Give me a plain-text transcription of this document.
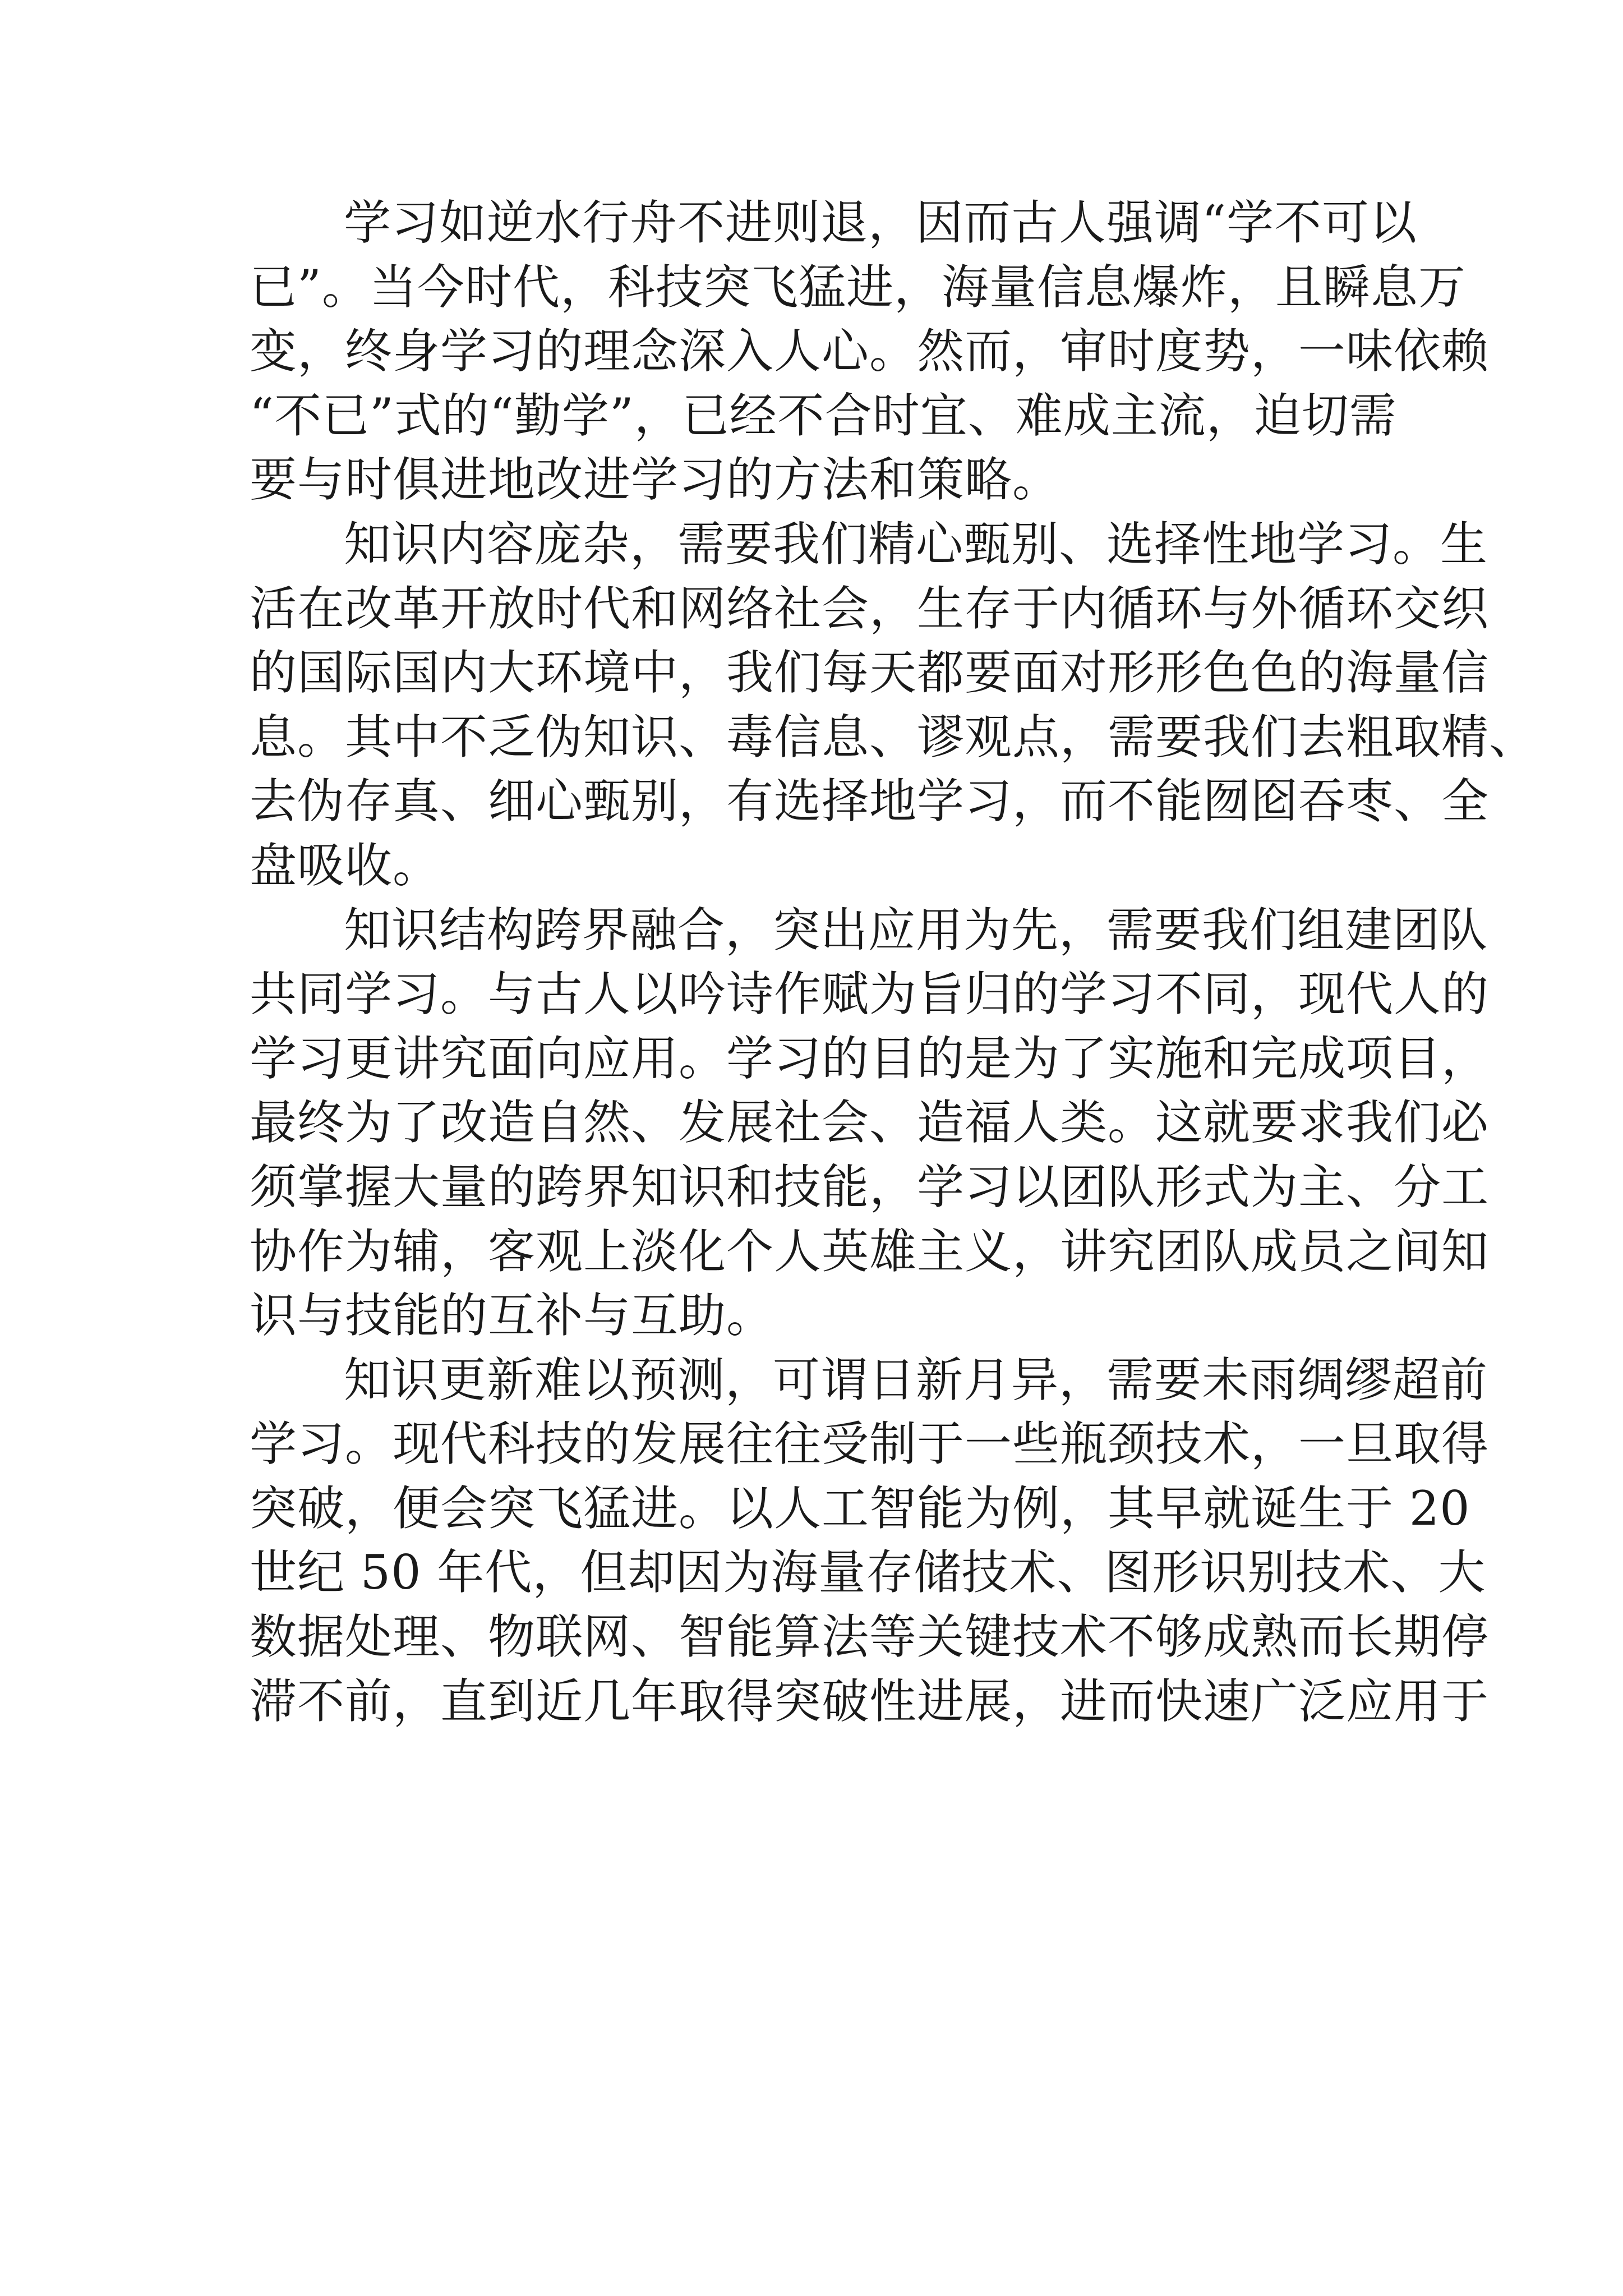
学习如逆水行舟不进则退，因而古人强调“学不可以
已”。当今时代，科技突飞猛进，海量信息爆炸，且瞬息万
变，终身学习的理念深入人心。然而，审时度势，一味依赖
“不已”式的“勤学”，已经不合时宜、难成主流，迫切需
要与时俱进地改进学习的方法和策略。
知识内容庞杂，需要我们精心甄别、选择性地学习。生
活在改革开放时代和网络社会，生存于内循环与外循环交织
的国际国内大环境中，我们每天都要面对形形色色的海量信
息。其中不乏伪知识、毒信息、谬观点，需要我们去粗取精、
去伪存真、细心甄别，有选择地学习，而不能囫囵吞枣、全
盘吸收。
知识结构跨界融合，突出应用为先，需要我们组建团队
共同学习。与古人以吟诗作赋为旨归的学习不同，现代人的
学习更讲究面向应用。学习的目的是为了实施和完成项目，
最终为了改造自然、发展社会、造福人类。这就要求我们必
须掌握大量的跨界知识和技能，学习以团队形式为主、分工
协作为辅，客观上淡化个人英雄主义，讲究团队成员之间知
识与技能的互补与互助。
知识更新难以预测，可谓日新月异，需要未雨绸缪超前
学习。现代科技的发展往往受制于一些瓶颈技术，一旦取得
突破，便会突飞猛进。以人工智能为例，其早就诞生于 20
世纪 50 年代，但却因为海量存储技术、图形识别技术、大
数据处理、物联网、智能算法等关键技术不够成熟而长期停
滞不前，直到近几年取得突破性进展，进而快速广泛应用于
